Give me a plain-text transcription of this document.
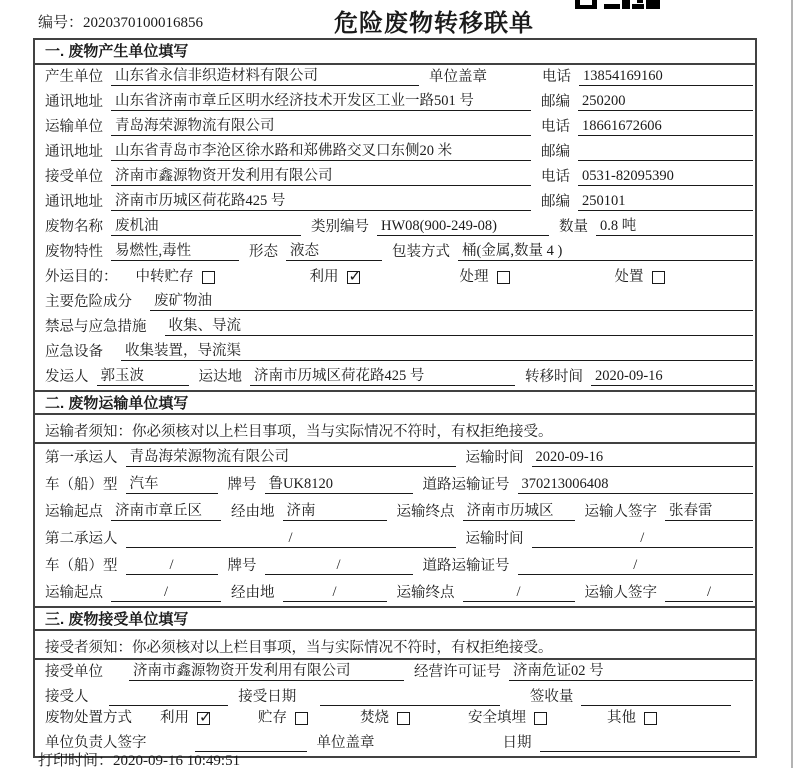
编号：2020370100016856	危险废物转移联单
一. 废物产生单位填写
产生单位 山东省永信非织造材料有限公司	单位盖章	电话 13854169160
通讯地址 山东省济南市章丘区明水经济技术开发区工业一路501 号	邮编 250200
运输单位 青岛海荣源物流有限公司	电话 18661672606
通讯地址 山东省青岛市李沧区徐水路和郑佛路交叉口东侧20 米	邮编
接受单位 济南市鑫源物资开发利用有限公司	电话 0531-82095390
通讯地址 济南市历城区荷花路425 号	邮编 250101
废物名称 废机油	类别编号 HW08(900-249-08)	数量 0.8 吨
废物特性 易燃性,毒性	形态 液态	包装方式 桶(金属,数量 4 )
外运目的： 中转贮存	利用 ✓	处理	处置
主要危险成分 废矿物油
禁忌与应急措施 收集、导流
应急设备 收集装置，导流渠
发运人 郭玉波	运达地 济南市历城区荷花路425 号	转移时间 2020-09-16
二. 废物运输单位填写
运输者须知：你必须核对以上栏目事项，当与实际情况不符时，有权拒绝接受。
第一承运人 青岛海荣源物流有限公司	运输时间 2020-09-16
车（船）型 汽车	牌号 鲁UK8120	道路运输证号 370213006408
运输起点 济南市章丘区	经由地 济南	运输终点 济南市历城区	运输人签字 张春雷
第二承运人	/	运输时间	/
车（船）型	/	牌号	/	道路运输证号	/
运输起点	/	经由地	/	运输终点	/	运输人签字	/
三. 废物接受单位填写
接受者须知：你必须核对以上栏目事项，当与实际情况不符时，有权拒绝接受。
接受单位 济南市鑫源物资开发利用有限公司	经营许可证号 济南危证02 号
接受人	接受日期	签收量
废物处置方式 利用 ✓	贮存	焚烧	安全填埋	其他
单位负责人签字	单位盖章	日期
打印时间：2020-09-16 10:49:51
